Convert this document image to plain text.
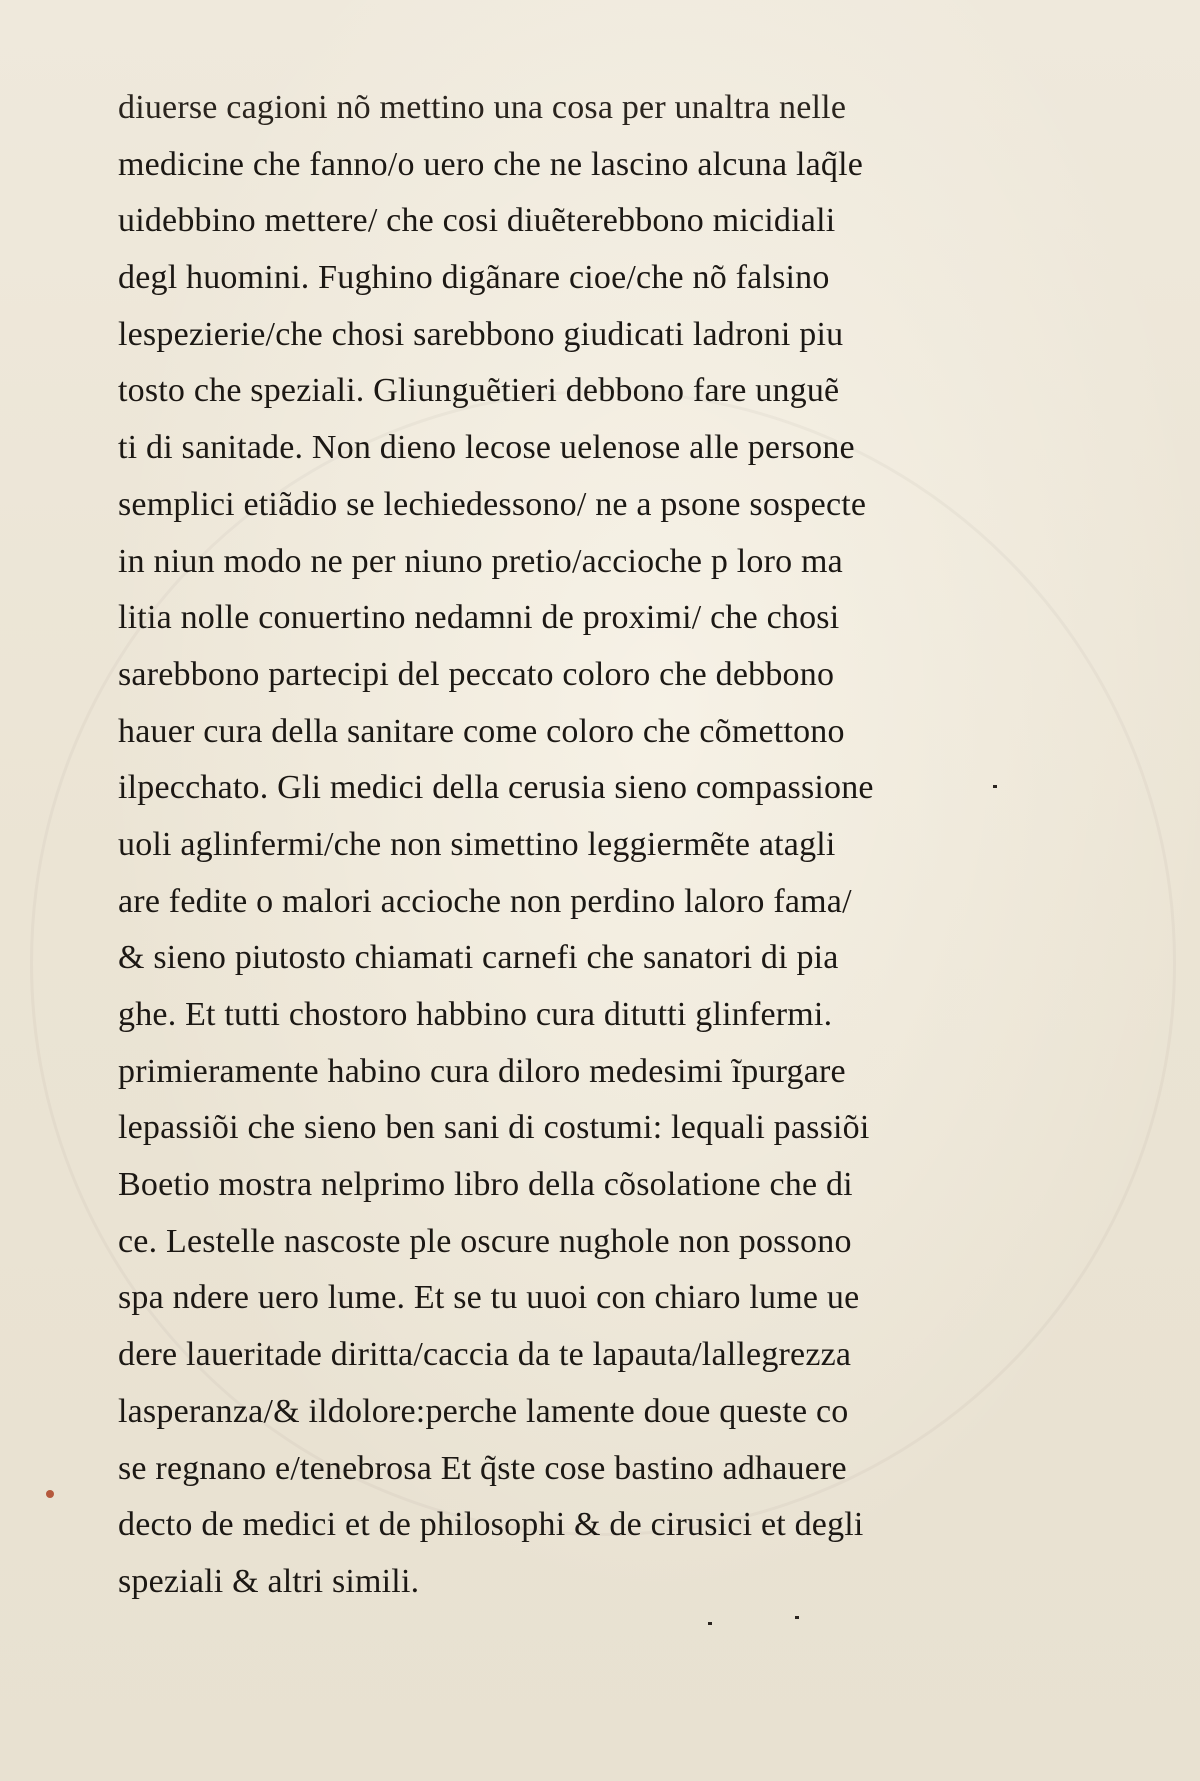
diuerse cagioni nõ mettino una cosa per unaltra nelle
medicine che fanno/o uero che ne lascino alcuna laq̃le
uidebbino mettere/ che cosi diuẽterebbono micidiali
degl huomini. Fughino digãnare cioe/che nõ falsino
lespezierie/che chosi sarebbono giudicati ladroni piu
tosto che speziali. Gliunguẽtieri debbono fare unguẽ
ti di sanitade. Non dieno lecose uelenose alle persone
semplici etiãdio se lechiedessono/ ne a psone sospecte
in niun modo ne per niuno pretio/accioche p loro ma
litia nolle conuertino nedamni de proximi/ che chosi
sarebbono partecipi del peccato coloro che debbono
hauer cura della sanitare come coloro che cõmettono
ilpecchato. Gli medici della cerusia sieno compassione
uoli aglinfermi/che non simettino leggiermẽte atagli
are fedite o malori accioche non perdino laloro fama/
& sieno piutosto chiamati carnefi che sanatori di pia
ghe. Et tutti chostoro habbino cura ditutti glinfermi.
primieramente habino cura diloro medesimi ĩpurgare
lepassiõi che sieno ben sani di costumi: lequali passiõi
Boetio mostra nelprimo libro della cõsolatione che di
ce. Lestelle nascoste ple oscure nughole non possono
spa ndere uero lume. Et se tu uuoi con chiaro lume ue
dere laueritade diritta/caccia da te lapauta/lallegrezza
lasperanza/& ildolore:perche lamente doue queste co
se regnano e/tenebrosa Et q̃ste cose bastino adhauere
decto de medici et de philosophi & de cirusici et degli
speziali & altri simili.
